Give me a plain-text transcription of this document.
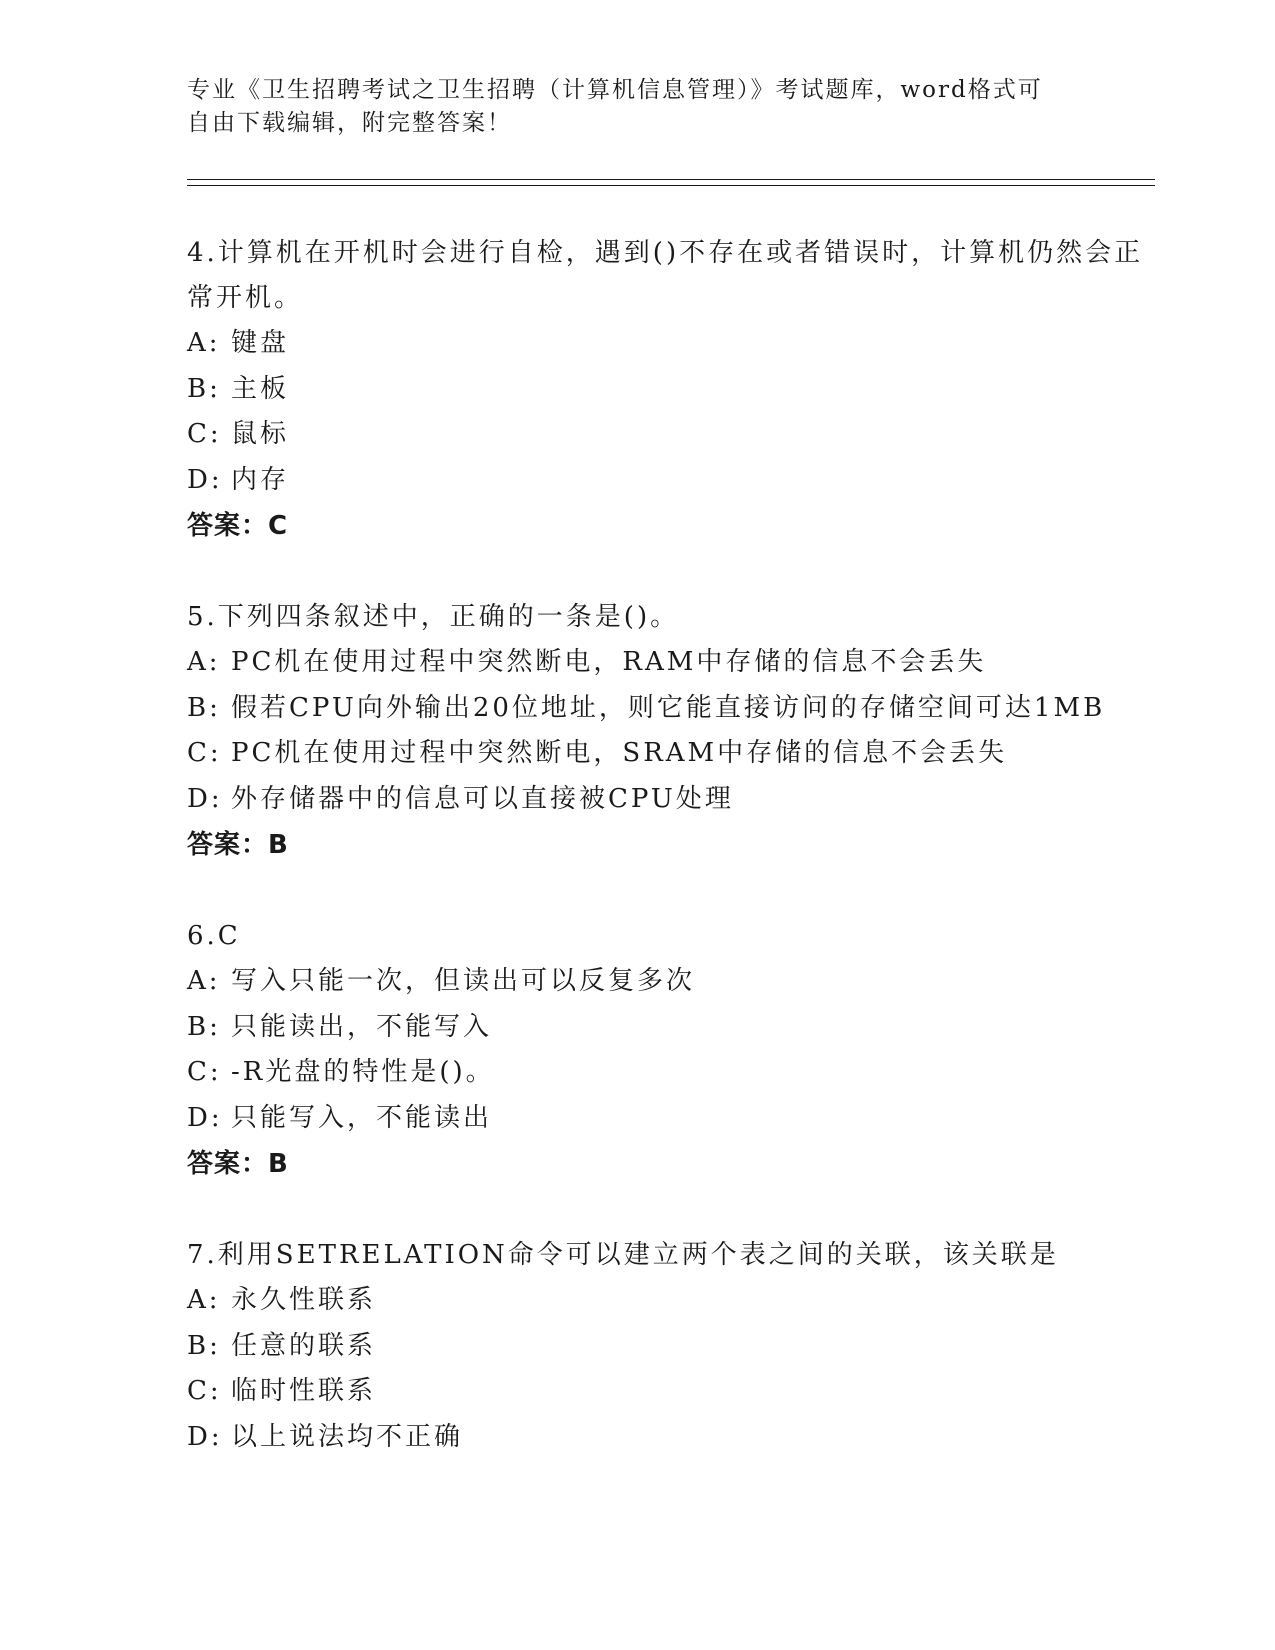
专业《卫生招聘考试之卫生招聘（计算机信息管理）》考试题库，word格式可自由下载编辑，附完整答案！
4.计算机在开机时会进行自检，遇到()不存在或者错误时，计算机仍然会正常开机。
A: 键盘
B: 主板
C: 鼠标
D: 内存
答案：C
5.下列四条叙述中，正确的一条是()。
A: PC机在使用过程中突然断电，RAM中存储的信息不会丢失
B: 假若CPU向外输出20位地址，则它能直接访问的存储空间可达1MB
C: PC机在使用过程中突然断电，SRAM中存储的信息不会丢失
D: 外存储器中的信息可以直接被CPU处理
答案：B
6.C
A: 写入只能一次，但读出可以反复多次
B: 只能读出，不能写入
C: -R光盘的特性是()。
D: 只能写入，不能读出
答案：B
7.利用SETRELATION命令可以建立两个表之间的关联，该关联是
A: 永久性联系
B: 任意的联系
C: 临时性联系
D: 以上说法均不正确
